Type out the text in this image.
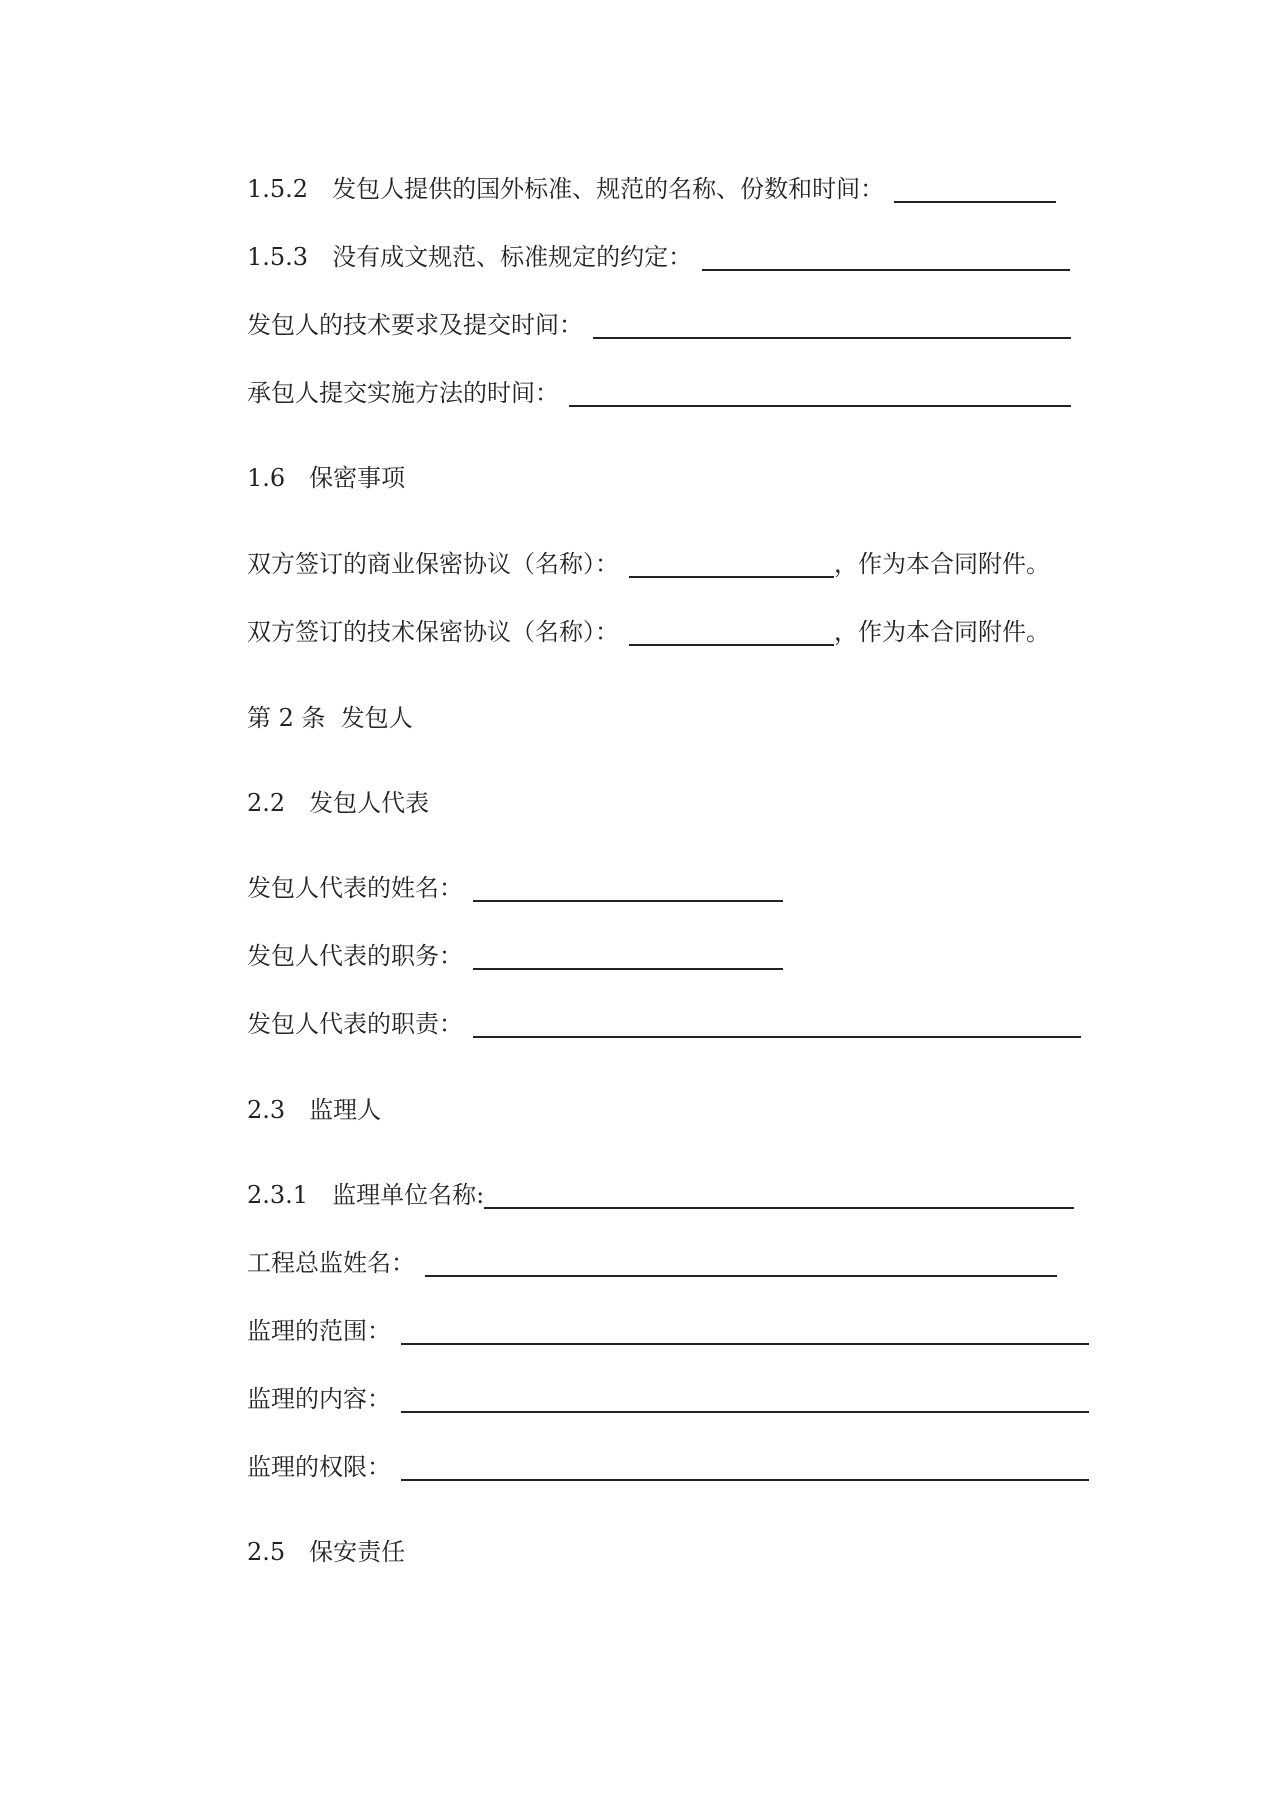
1.5.2 发包人提供的国外标准、规范的名称、份数和时间：
1.5.3 没有成文规范、标准规定的约定：
发包人的技术要求及提交时间：
承包人提交实施方法的时间：
1.6 保密事项
双方签订的商业保密协议（名称）：	，作为本合同附件。
双方签订的技术保密协议（名称）：	，作为本合同附件。
第 2 条  发包人
2.2 发包人代表
发包人代表的姓名：
发包人代表的职务：
发包人代表的职责：
2.3 监理人
2.3.1 监理单位名称:
工程总监姓名：
监理的范围：
监理的内容：
监理的权限：
2.5 保安责任
